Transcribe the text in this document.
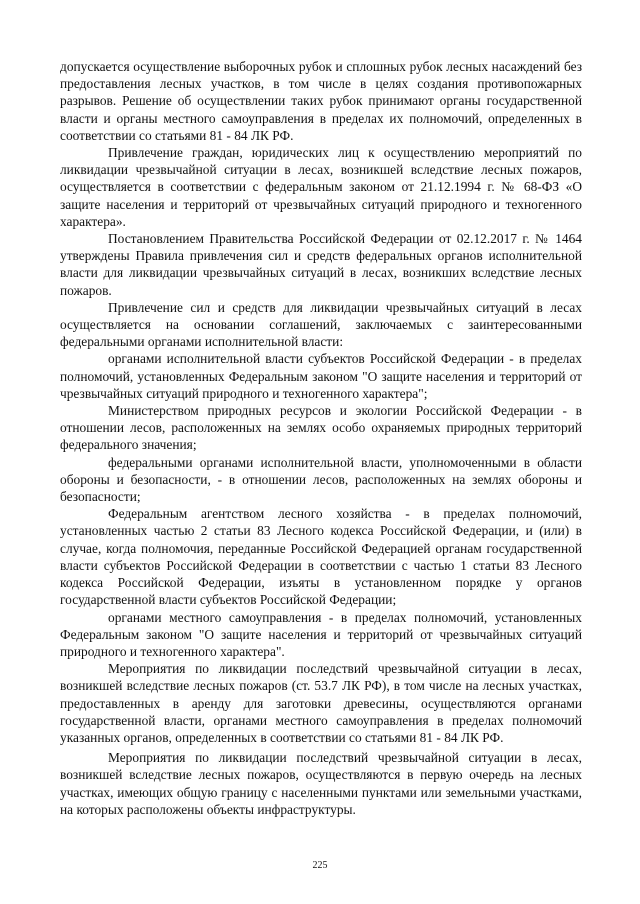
допускается осуществление выборочных рубок и сплошных рубок лесных насаждений без предоставления лесных участков, в том числе в целях создания противопожарных разрывов. Решение об осуществлении таких рубок принимают органы государственной власти и органы местного самоуправления в пределах их полномочий, определенных в соответствии со статьями 81 - 84 ЛК РФ.

Привлечение граждан, юридических лиц к осуществлению мероприятий по ликвидации чрезвычайной ситуации в лесах, возникшей вследствие лесных пожаров, осуществляется в соответствии с федеральным законом от 21.12.1994 г. № 68-ФЗ «О защите населения и территорий от чрезвычайных ситуаций природного и техногенного характера».

Постановлением Правительства Российской Федерации от 02.12.2017 г. № 1464 утверждены Правила привлечения сил и средств федеральных органов исполнительной власти для ликвидации чрезвычайных ситуаций в лесах, возникших вследствие лесных пожаров.

Привлечение сил и средств для ликвидации чрезвычайных ситуаций в лесах осуществляется на основании соглашений, заключаемых с заинтересованными федеральными органами исполнительной власти:

органами исполнительной власти субъектов Российской Федерации - в пределах полномочий, установленных Федеральным законом "О защите населения и территорий от чрезвычайных ситуаций природного и техногенного характера";

Министерством природных ресурсов и экологии Российской Федерации - в отношении лесов, расположенных на землях особо охраняемых природных территорий федерального значения;

федеральными органами исполнительной власти, уполномоченными в области обороны и безопасности, - в отношении лесов, расположенных на землях обороны и безопасности;

Федеральным агентством лесного хозяйства - в пределах полномочий, установленных частью 2 статьи 83 Лесного кодекса Российской Федерации, и (или) в случае, когда полномочия, переданные Российской Федерацией органам государственной власти субъектов Российской Федерации в соответствии с частью 1 статьи 83 Лесного кодекса Российской Федерации, изъяты в установленном порядке у органов государственной власти субъектов Российской Федерации;

органами местного самоуправления - в пределах полномочий, установленных Федеральным законом "О защите населения и территорий от чрезвычайных ситуаций природного и техногенного характера".

Мероприятия по ликвидации последствий чрезвычайной ситуации в лесах, возникшей вследствие лесных пожаров (ст. 53.7 ЛК РФ), в том числе на лесных участках, предоставленных в аренду для заготовки древесины, осуществляются органами государственной власти, органами местного самоуправления в пределах полномочий указанных органов, определенных в соответствии со статьями 81 - 84 ЛК РФ.

Мероприятия по ликвидации последствий чрезвычайной ситуации в лесах, возникшей вследствие лесных пожаров, осуществляются в первую очередь на лесных участках, имеющих общую границу с населенными пунктами или земельными участками, на которых расположены объекты инфраструктуры.

225
